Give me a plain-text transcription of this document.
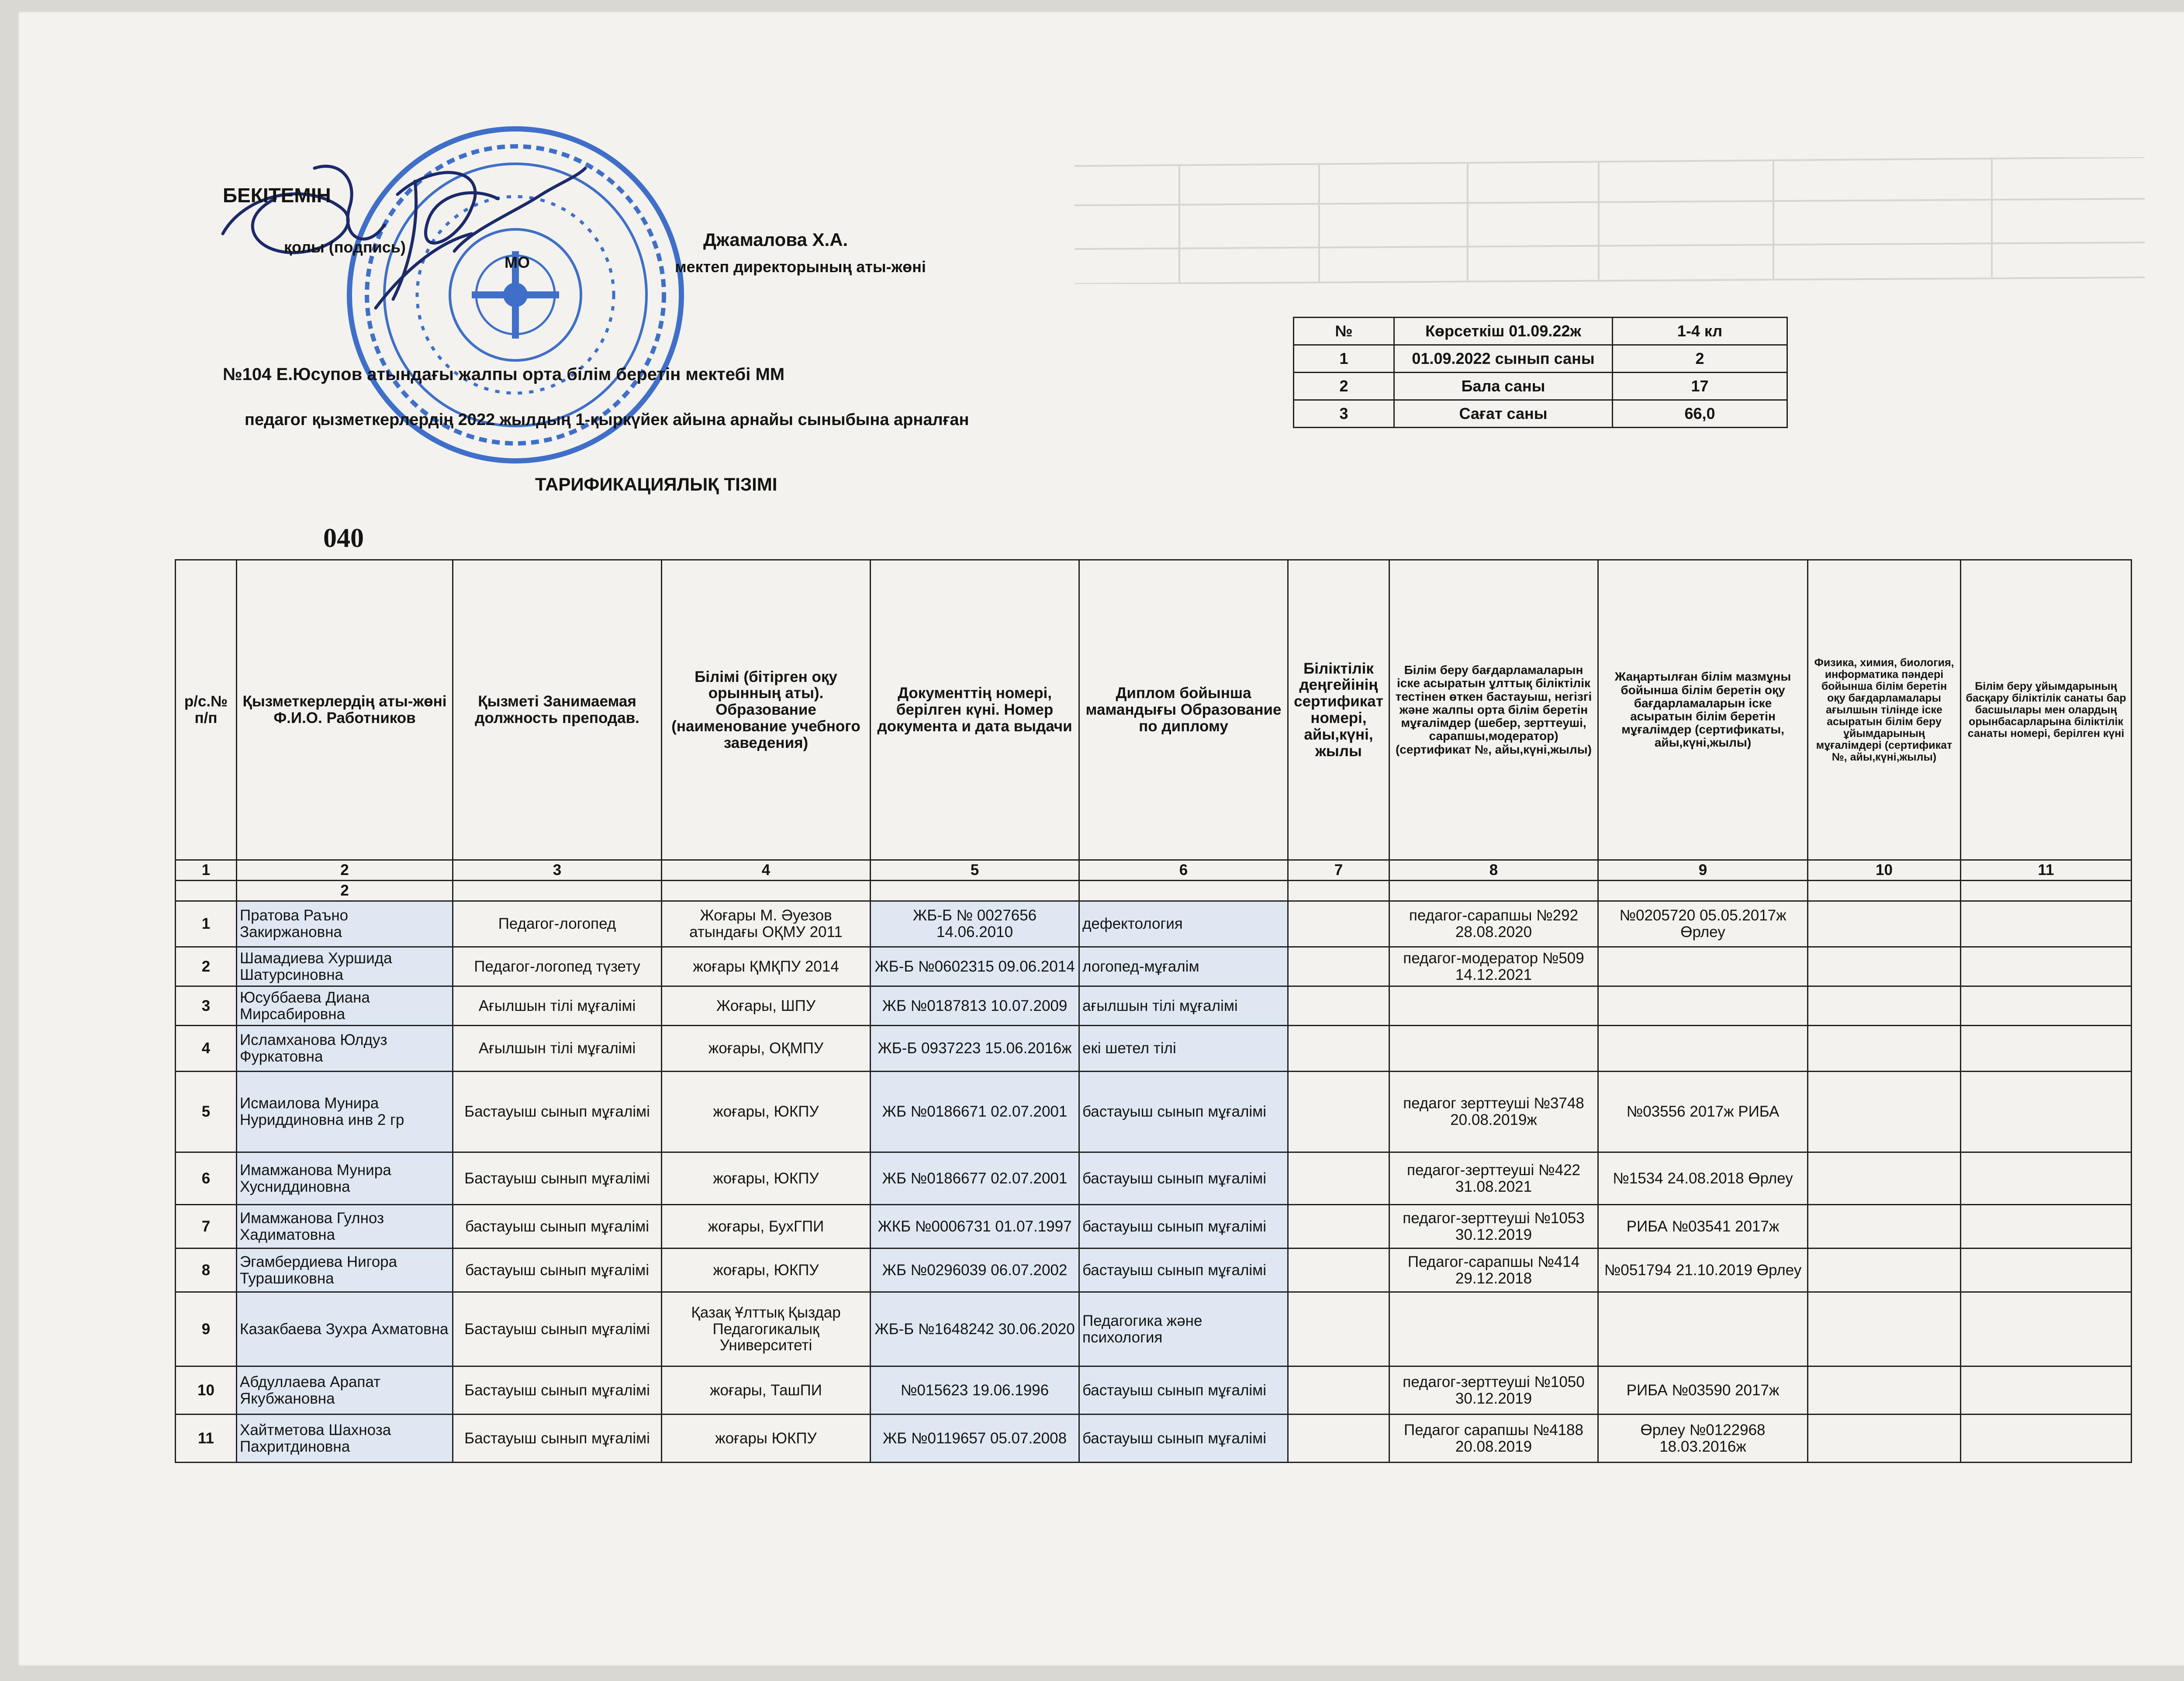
БЕКІТЕМІН
қолы (подпись)
МО
Джамалова Х.А.
мектеп директорының аты-жөні
№104 Е.Юсупов атындағы жалпы орта білім беретін мектебі ММ
педагог қызметкерлердің 2022 жылдың 1-қыркүйек айына арнайы сыныбына арналған
ТАРИФИКАЦИЯЛЫҚ ТІЗІМІ
040
№	Көрсеткіш 01.09.22ж	1-4 кл
1	01.09.2022 сынып саны	2
2	Бала саны	17
3	Сағат саны	66,0
р/с.№ п/п	Қызметкерлердің аты-жөні Ф.И.О. Работников	Қызметі Занимаемая должность преподав.	Білімі (бітірген оқу орынның аты). Образование (наименование учебного заведения)	Документтің номері, берілген күні. Номер документа и дата выдачи	Диплом бойынша мамандығы Образование по диплому	Біліктілік деңгейінің сертификат номері, айы,күні, жылы	Білім беру бағдарламаларын іске асыратын ұлттық біліктілік тестінен өткен бастауыш, негізгі және жалпы орта білім беретін мұғалімдер (шебер, зерттеуші, сарапшы,модератор)(сертификат №, айы,күні,жылы)	Жаңартылған білім мазмұны бойынша білім беретін оқу бағдарламаларын іске асыратын білім беретін мұғалімдер (сертификаты, айы,күні,жылы)	Физика, химия, биология, информатика пәндері бойынша білім беретін оқу бағдарламалары ағылшын тілінде іске асыратын білім беру ұйымдарының мұғалімдері (сертификат №, айы,күні,жылы)	Білім беру ұйымдарының басқару біліктілік санаты бар басшылары мен олардың орынбасарларына біліктілік санаты номері, берілген күні
1	2	3	4	5	6	7	8	9	10	11
	2									
1	Пратова Раъно Закиржановна	Педагог-логопед	Жоғары М. Әуезов атындағы ОҚМУ 2011	ЖБ-Б № 0027656 14.06.2010	дефектология		педагог-сарапшы №292 28.08.2020	№0205720 05.05.2017ж Өрлеу		
2	Шамадиева Хуршида Шатурсиновна	Педагог-логопед түзету	жоғары ҚМҚПУ 2014	ЖБ-Б №0602315 09.06.2014	логопед-мұғалім		педагог-модератор №509 14.12.2021			
3	Юсуббаева Диана Мирсабировна	Ағылшын тілі мұғалімі	Жоғары, ШПУ	ЖБ №0187813 10.07.2009	ағылшын тілі мұғалімі					
4	Исламханова Юлдуз Фуркатовна	Ағылшын тілі мұғалімі	жоғары, ОҚМПУ	ЖБ-Б 0937223 15.06.2016ж	екі шетел тілі					
5	Исмаилова Мунира Нуриддиновна инв 2 гр	Бастауыш сынып мұғалімі	жоғары, ЮКПУ	ЖБ №0186671 02.07.2001	бастауыш сынып мұғалімі		педагог зерттеуші №3748 20.08.2019ж	№03556 2017ж РИБА		
6	Имамжанова Мунира Хусниддиновна	Бастауыш сынып мұғалімі	жоғары, ЮКПУ	ЖБ №0186677 02.07.2001	бастауыш сынып мұғалімі		педагог-зерттеуші №422 31.08.2021	№1534 24.08.2018 Өрлеу		
7	Имамжанова Гулноз Хадиматовна	бастауыш сынып мұғалімі	жоғары, БухГПИ	ЖКБ №0006731 01.07.1997	бастауыш сынып мұғалімі		педагог-зерттеуші №1053 30.12.2019	РИБА №03541 2017ж		
8	Эгамбердиева Нигора Турашиковна	бастауыш сынып мұғалімі	жоғары, ЮКПУ	ЖБ №0296039 06.07.2002	бастауыш сынып мұғалімі		Педагог-сарапшы №414 29.12.2018	№051794 21.10.2019 Өрлеу		
9	Казакбаева Зухра Ахматовна	Бастауыш сынып мұғалімі	Қазақ Ұлттық Қыздар Педагогикалық Университеті	ЖБ-Б №1648242 30.06.2020	Педагогика және психология					
10	Абдуллаева Арапат Якубжановна	Бастауыш сынып мұғалімі	жоғары, ТашПИ	№015623 19.06.1996	бастауыш сынып мұғалімі		педагог-зерттеуші №1050 30.12.2019	РИБА №03590 2017ж		
11	Хайтметова Шахноза Пахритдиновна	Бастауыш сынып мұғалімі	жоғары ЮКПУ	ЖБ №0119657 05.07.2008	бастауыш сынып мұғалімі		Педагог сарапшы №4188 20.08.2019	Өрлеу №0122968 18.03.2016ж		
